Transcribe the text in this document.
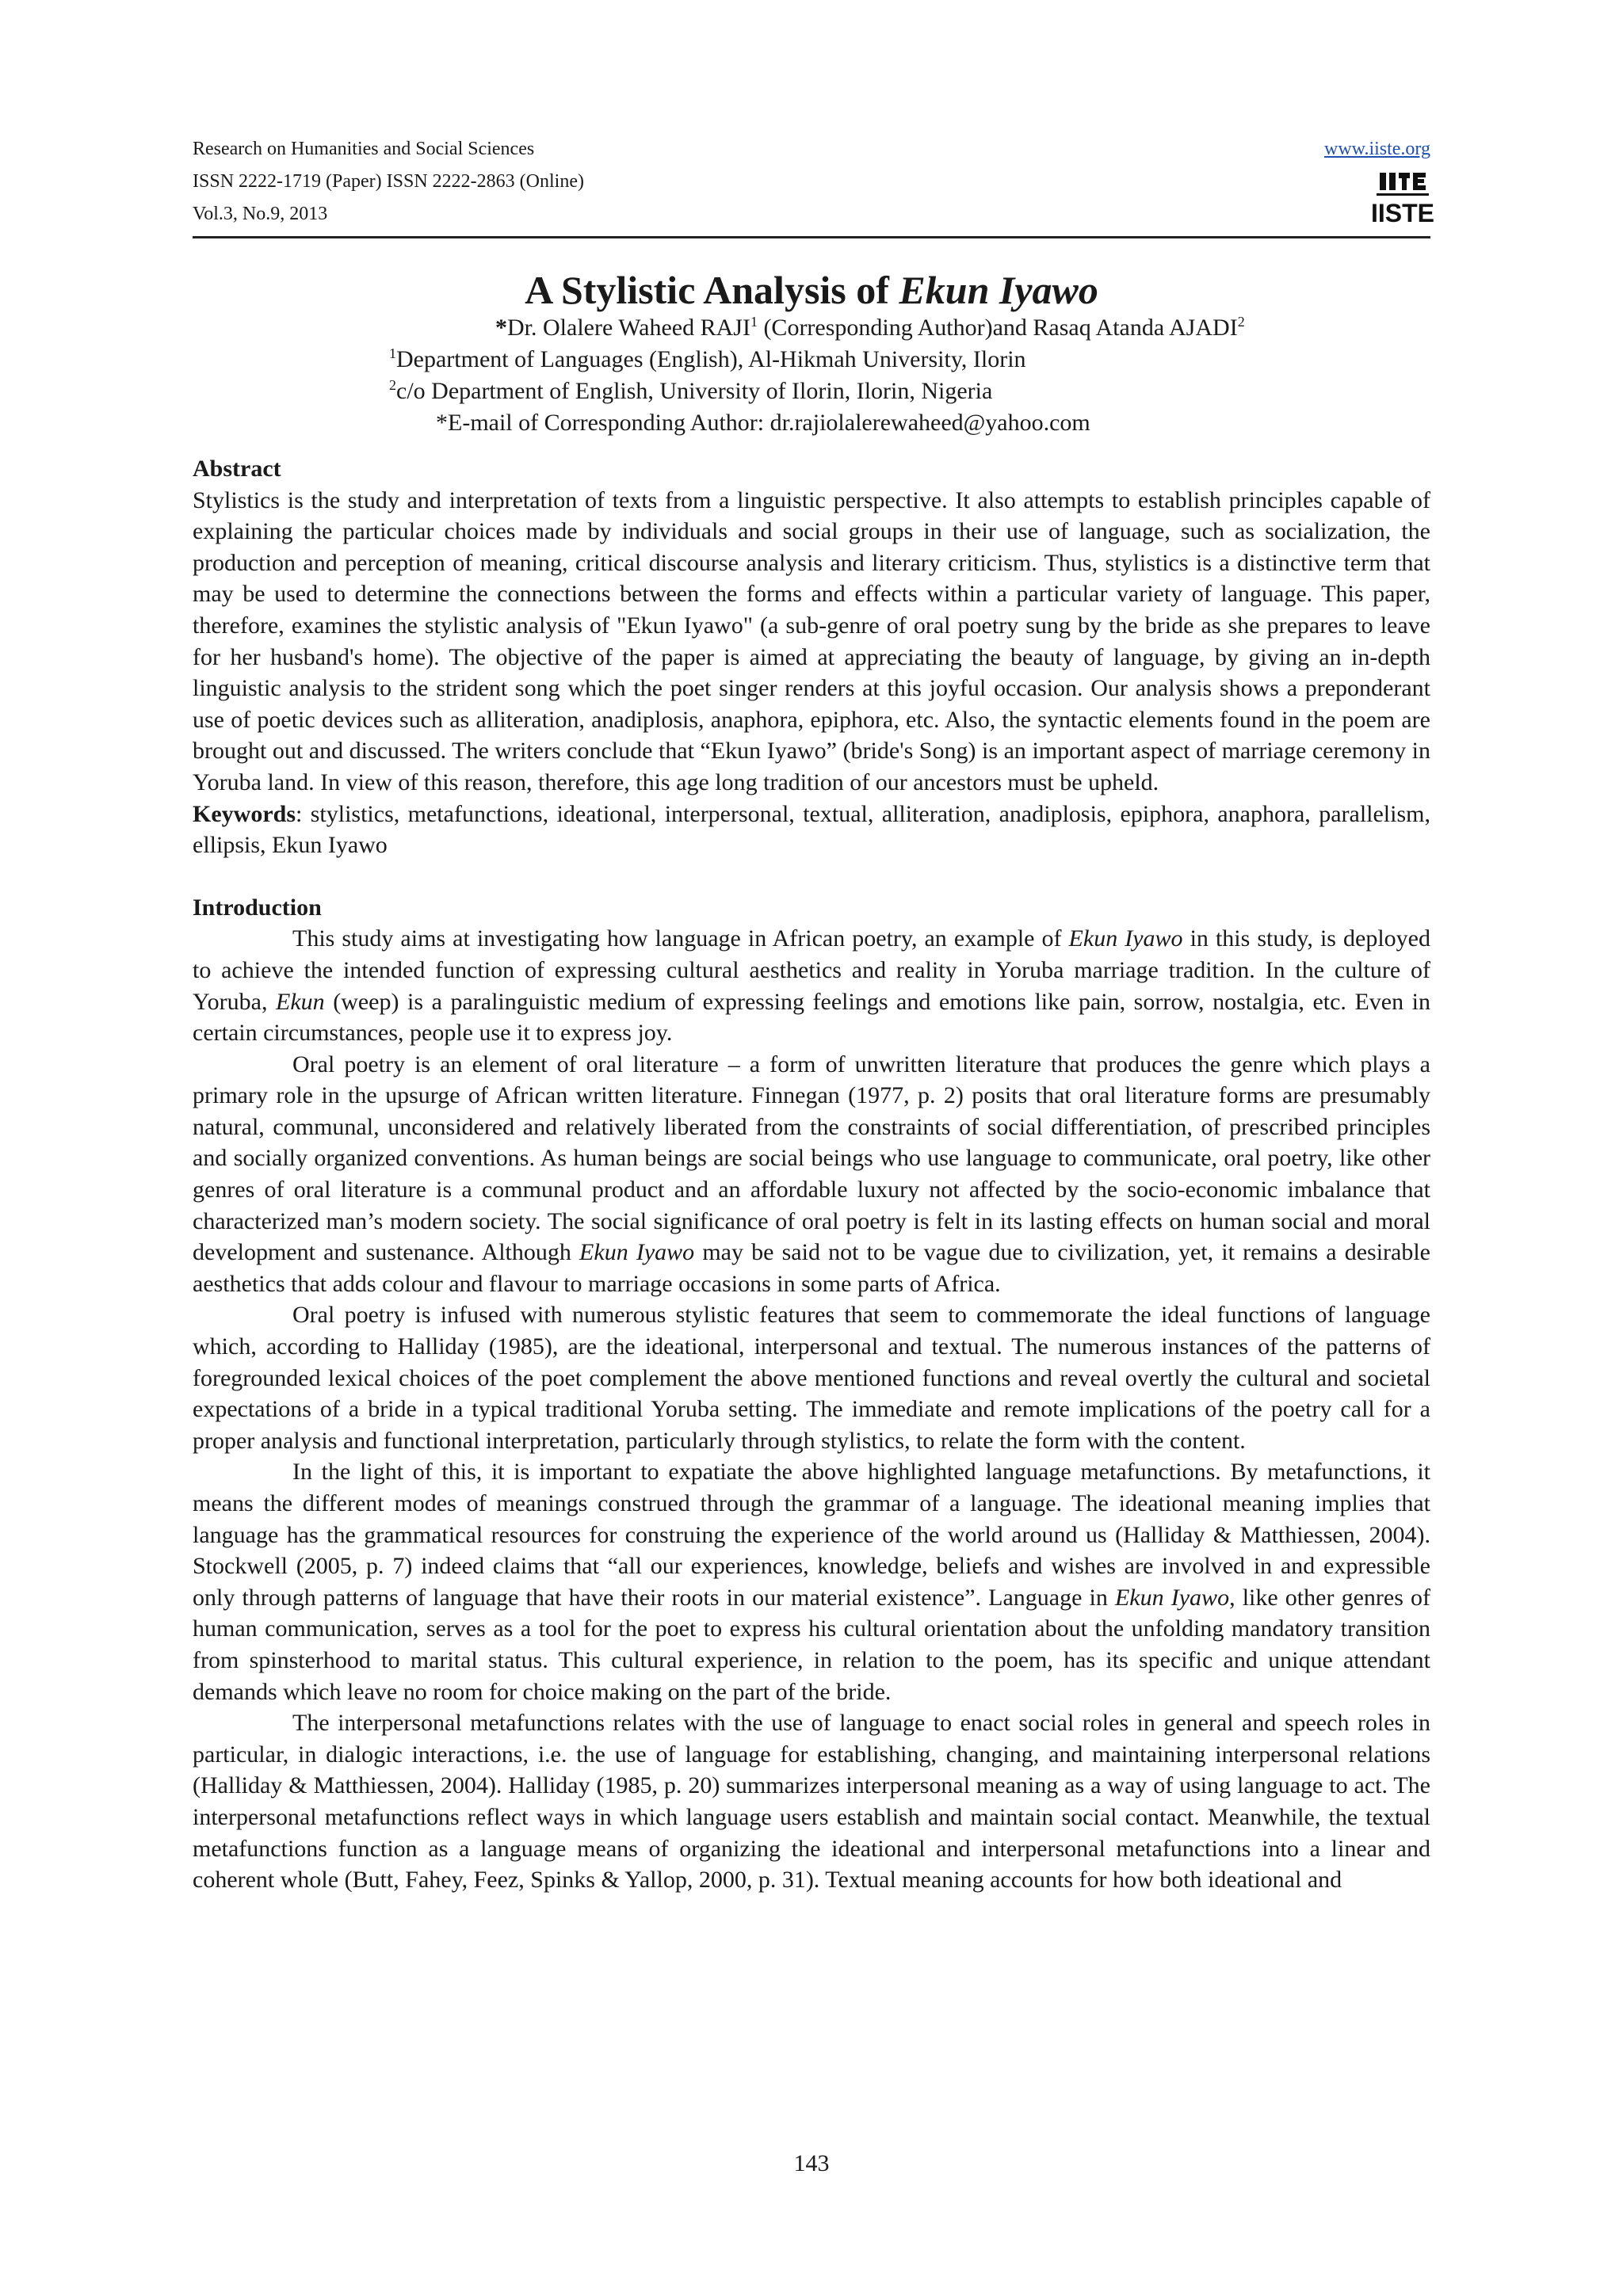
Research on Humanities and Social Sciences
ISSN 2222-1719 (Paper) ISSN 2222-2863 (Online)
Vol.3, No.9, 2013
www.iiste.org
IISTE
A Stylistic Analysis of Ekun Iyawo
*Dr. Olalere Waheed RAJI$^1$ (Corresponding Author)and Rasaq Atanda AJADI$^2$
$^1$Department of Languages (English), Al-Hikmah University, Ilorin
$^2$c/o Department of English, University of Ilorin, Ilorin, Nigeria
*E-mail of Corresponding Author: dr.rajiolalerewaheed@yahoo.com

Abstract

Stylistics is the study and interpretation of texts from a linguistic perspective. It also attempts to establish principles capable of explaining the particular choices made by individuals and social groups in their use of language, such as socialization, the production and perception of meaning, critical discourse analysis and literary criticism. Thus, stylistics is a distinctive term that may be used to determine the connections between the forms and effects within a particular variety of language. This paper, therefore, examines the stylistic analysis of "Ekun Iyawo" (a sub-genre of oral poetry sung by the bride as she prepares to leave for her husband's home). The objective of the paper is aimed at appreciating the beauty of language, by giving an in-depth linguistic analysis to the strident song which the poet singer renders at this joyful occasion. Our analysis shows a preponderant use of poetic devices such as alliteration, anadiplosis, anaphora, epiphora, etc. Also, the syntactic elements found in the poem are brought out and discussed. The writers conclude that “Ekun Iyawo” (bride's Song) is an important aspect of marriage ceremony in Yoruba land. In view of this reason, therefore, this age long tradition of our ancestors must be upheld.

Keywords: stylistics, metafunctions, ideational, interpersonal, textual, alliteration, anadiplosis, epiphora, anaphora, parallelism, ellipsis, Ekun Iyawo

Introduction

This study aims at investigating how language in African poetry, an example of Ekun Iyawo in this study, is deployed to achieve the intended function of expressing cultural aesthetics and reality in Yoruba marriage tradition. In the culture of Yoruba, Ekun (weep) is a paralinguistic medium of expressing feelings and emotions like pain, sorrow, nostalgia, etc. Even in certain circumstances, people use it to express joy.

Oral poetry is an element of oral literature – a form of unwritten literature that produces the genre which plays a primary role in the upsurge of African written literature. Finnegan (1977, p. 2) posits that oral literature forms are presumably natural, communal, unconsidered and relatively liberated from the constraints of social differentiation, of prescribed principles and socially organized conventions. As human beings are social beings who use language to communicate, oral poetry, like other genres of oral literature is a communal product and an affordable luxury not affected by the socio-economic imbalance that characterized man’s modern society. The social significance of oral poetry is felt in its lasting effects on human social and moral development and sustenance. Although Ekun Iyawo may be said not to be vague due to civilization, yet, it remains a desirable aesthetics that adds colour and flavour to marriage occasions in some parts of Africa.

Oral poetry is infused with numerous stylistic features that seem to commemorate the ideal functions of language which, according to Halliday (1985), are the ideational, interpersonal and textual. The numerous instances of the patterns of foregrounded lexical choices of the poet complement the above mentioned functions and reveal overtly the cultural and societal expectations of a bride in a typical traditional Yoruba setting. The immediate and remote implications of the poetry call for a proper analysis and functional interpretation, particularly through stylistics, to relate the form with the content.

In the light of this, it is important to expatiate the above highlighted language metafunctions. By metafunctions, it means the different modes of meanings construed through the grammar of a language. The ideational meaning implies that language has the grammatical resources for construing the experience of the world around us (Halliday & Matthiessen, 2004). Stockwell (2005, p. 7) indeed claims that “all our experiences, knowledge, beliefs and wishes are involved in and expressible only through patterns of language that have their roots in our material existence”. Language in Ekun Iyawo, like other genres of human communication, serves as a tool for the poet to express his cultural orientation about the unfolding mandatory transition from spinsterhood to marital status. This cultural experience, in relation to the poem, has its specific and unique attendant demands which leave no room for choice making on the part of the bride.

The interpersonal metafunctions relates with the use of language to enact social roles in general and speech roles in particular, in dialogic interactions, i.e. the use of language for establishing, changing, and maintaining interpersonal relations (Halliday & Matthiessen, 2004). Halliday (1985, p. 20) summarizes interpersonal meaning as a way of using language to act. The interpersonal metafunctions reflect ways in which language users establish and maintain social contact. Meanwhile, the textual metafunctions function as a language means of organizing the ideational and interpersonal metafunctions into a linear and coherent whole (Butt, Fahey, Feez, Spinks & Yallop, 2000, p. 31). Textual meaning accounts for how both ideational and

143
